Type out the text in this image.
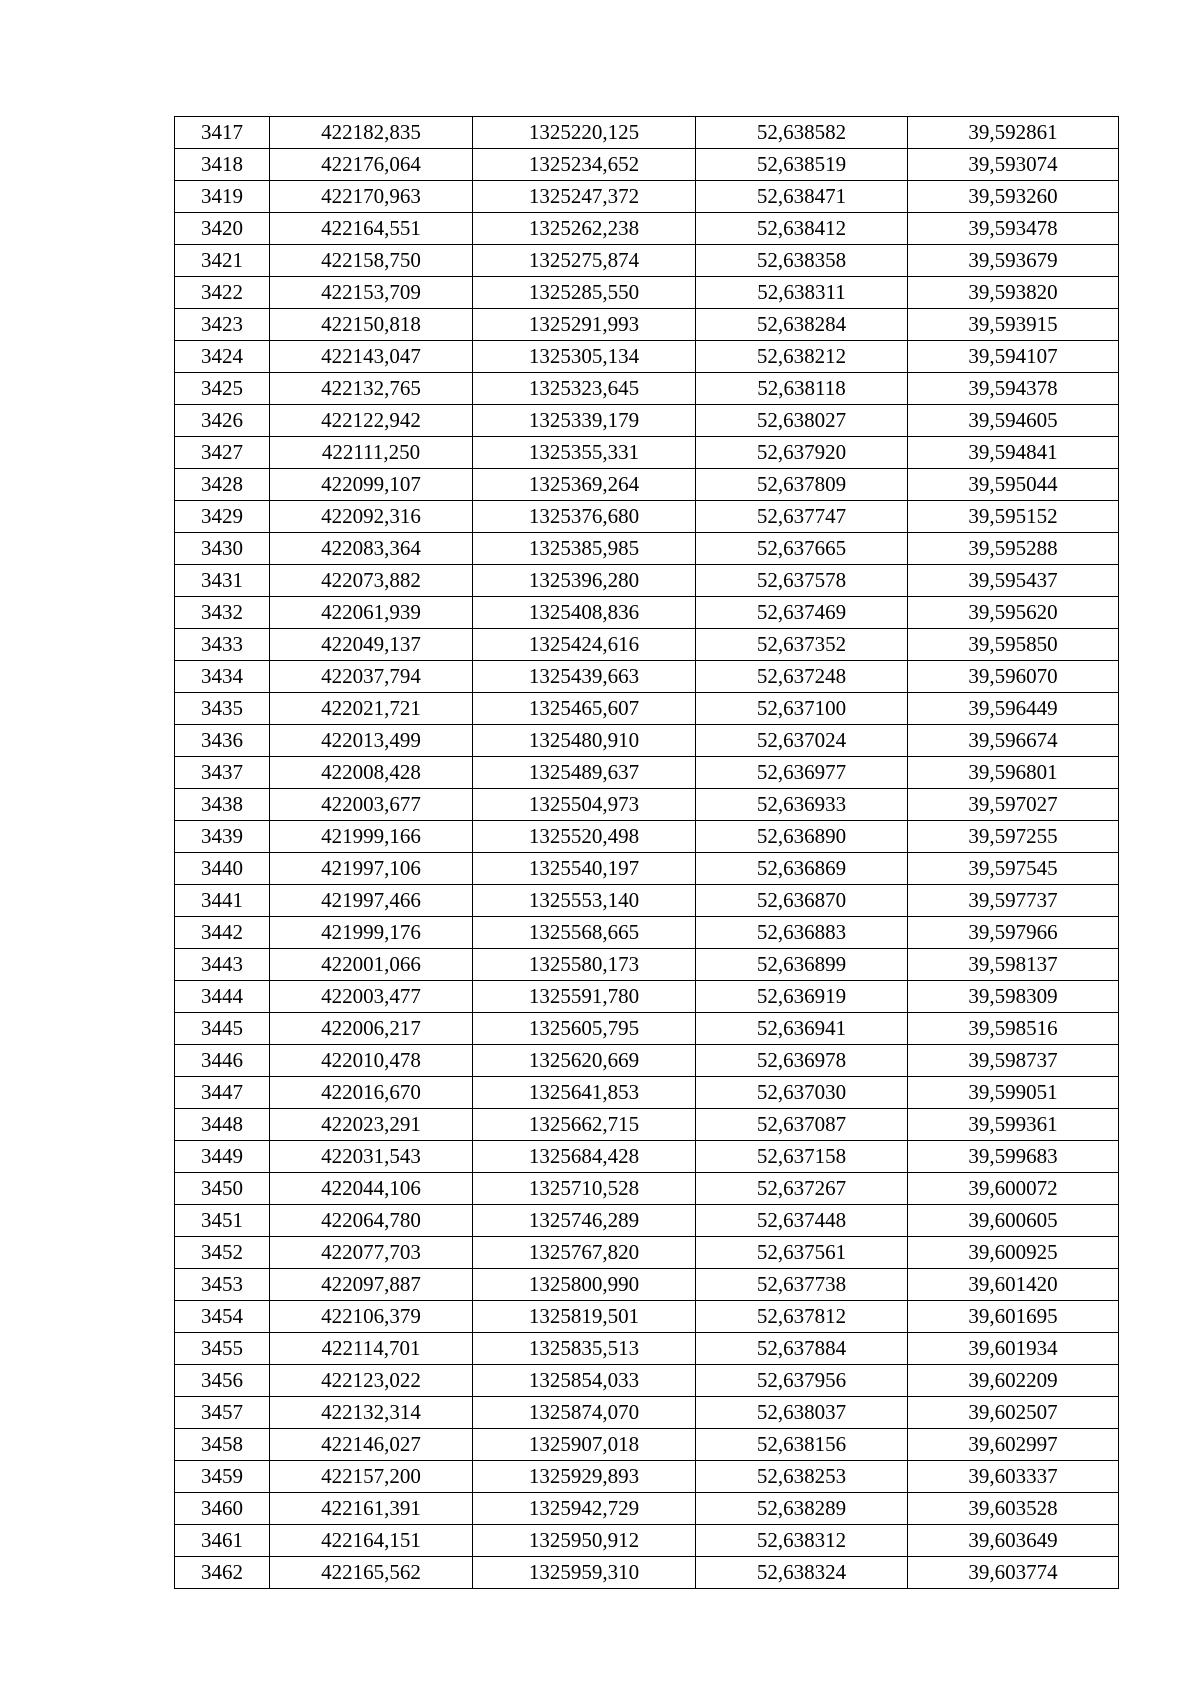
3417	422182,835	1325220,125	52,638582	39,592861
3418	422176,064	1325234,652	52,638519	39,593074
3419	422170,963	1325247,372	52,638471	39,593260
3420	422164,551	1325262,238	52,638412	39,593478
3421	422158,750	1325275,874	52,638358	39,593679
3422	422153,709	1325285,550	52,638311	39,593820
3423	422150,818	1325291,993	52,638284	39,593915
3424	422143,047	1325305,134	52,638212	39,594107
3425	422132,765	1325323,645	52,638118	39,594378
3426	422122,942	1325339,179	52,638027	39,594605
3427	422111,250	1325355,331	52,637920	39,594841
3428	422099,107	1325369,264	52,637809	39,595044
3429	422092,316	1325376,680	52,637747	39,595152
3430	422083,364	1325385,985	52,637665	39,595288
3431	422073,882	1325396,280	52,637578	39,595437
3432	422061,939	1325408,836	52,637469	39,595620
3433	422049,137	1325424,616	52,637352	39,595850
3434	422037,794	1325439,663	52,637248	39,596070
3435	422021,721	1325465,607	52,637100	39,596449
3436	422013,499	1325480,910	52,637024	39,596674
3437	422008,428	1325489,637	52,636977	39,596801
3438	422003,677	1325504,973	52,636933	39,597027
3439	421999,166	1325520,498	52,636890	39,597255
3440	421997,106	1325540,197	52,636869	39,597545
3441	421997,466	1325553,140	52,636870	39,597737
3442	421999,176	1325568,665	52,636883	39,597966
3443	422001,066	1325580,173	52,636899	39,598137
3444	422003,477	1325591,780	52,636919	39,598309
3445	422006,217	1325605,795	52,636941	39,598516
3446	422010,478	1325620,669	52,636978	39,598737
3447	422016,670	1325641,853	52,637030	39,599051
3448	422023,291	1325662,715	52,637087	39,599361
3449	422031,543	1325684,428	52,637158	39,599683
3450	422044,106	1325710,528	52,637267	39,600072
3451	422064,780	1325746,289	52,637448	39,600605
3452	422077,703	1325767,820	52,637561	39,600925
3453	422097,887	1325800,990	52,637738	39,601420
3454	422106,379	1325819,501	52,637812	39,601695
3455	422114,701	1325835,513	52,637884	39,601934
3456	422123,022	1325854,033	52,637956	39,602209
3457	422132,314	1325874,070	52,638037	39,602507
3458	422146,027	1325907,018	52,638156	39,602997
3459	422157,200	1325929,893	52,638253	39,603337
3460	422161,391	1325942,729	52,638289	39,603528
3461	422164,151	1325950,912	52,638312	39,603649
3462	422165,562	1325959,310	52,638324	39,603774
